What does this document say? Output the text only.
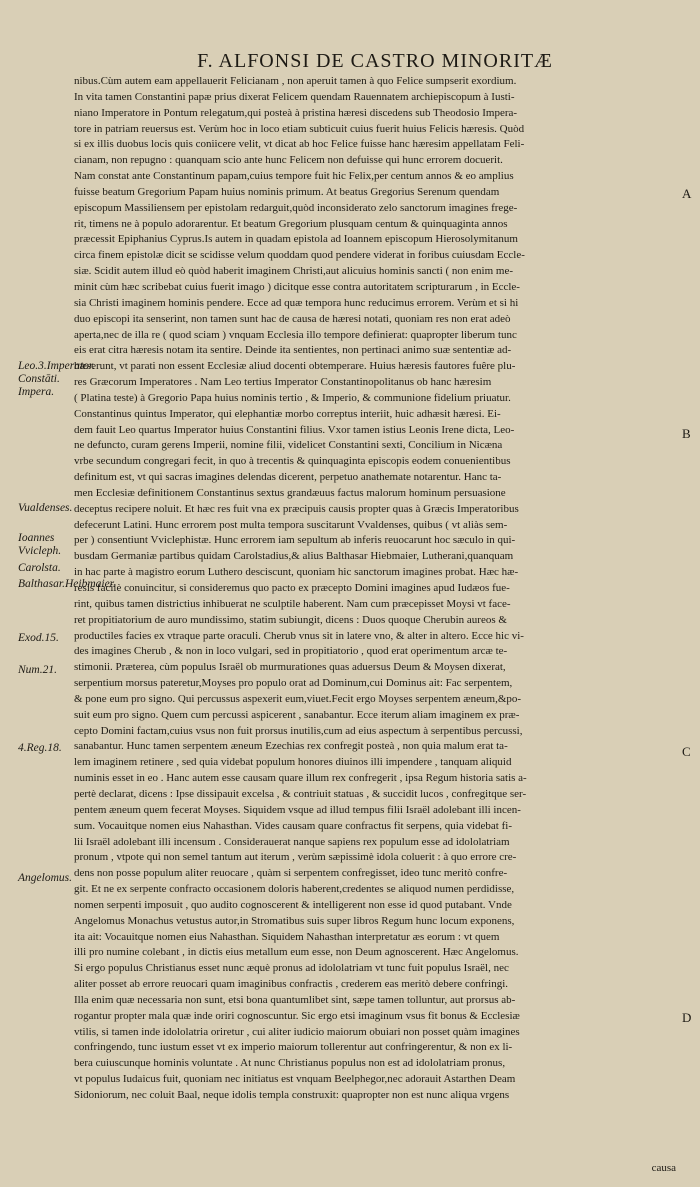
F. ALFONSI DE CASTRO MINORITÆ
Leo.3.Imperator. Constāti. Impera.
Vualdenses.
Ioannes Vvicleph.
Carolsta.
Balthasar.Heibmaier.
Exod.15.
Num.21.
4.Reg.18.
Angelomus.
A
B
C
D
nibus.Cùm autem eam appellauerit Felicianam , non aperuit tamen à quo Felice sumpserit exordium.
In vita tamen Constantini papæ prius dixerat Felicem quendam Rauennatem archiepiscopum à Iusti-
niano Imperatore in Pontum relegatum,qui posteà à pristina hæresi discedens sub Theodosio Impera-
tore in patriam reuersus est. Verùm hoc in loco etiam subticuit cuius fuerit huius Felicis hæresis. Quòd
si ex illis duobus locis quis coniicere velit, vt dicat ab hoc Felice fuisse hanc hæresim appellatam Feli-
cianam, non repugno : quanquam scio ante hunc Felicem non defuisse qui hunc errorem docuerit.
Nam constat ante Constantinum papam,cuius tempore fuit hic Felix,per centum annos & eo amplius
fuisse beatum Gregorium Papam huius nominis primum. At beatus Gregorius Serenum quendam
episcopum Massiliensem per epistolam redarguit,quòd inconsiderato zelo sanctorum imagines frege-
rit, timens ne à populo adorarentur. Et beatum Gregorium plusquam centum & quinquaginta annos
præcessit Epiphanius Cyprus.Is autem in quadam epistola ad Ioannem episcopum Hierosolymitanum
circa finem epistolæ dicit se scidisse velum quoddam quod pendere viderat in foribus cuiusdam Eccle-
siæ. Scidit autem illud eò quòd haberit imaginem Christi,aut alicuius hominis sancti ( non enim me-
minit cùm hæc scribebat cuius fuerit imago ) dicitque esse contra autoritatem scripturarum , in Eccle-
sia Christi imaginem hominis pendere. Ecce ad quæ tempora hunc reducimus errorem. Verùm et si hi
duo episcopi ita senserint, non tamen sunt hac de causa de hæresi notati, quoniam res non erat adeò
aperta,nec de illa re ( quod sciam ) vnquam Ecclesia illo tempore definierat: quapropter liberum tunc
eis erat citra hæresis notam ita sentire. Deinde ita sentientes, non pertinaci animo suæ sententiæ ad-
hæserunt, vt parati non essent Ecclesiæ aliud docenti obtemperare. Huius hæresis fautores fuêre plu-
res Græcorum Imperatores . Nam Leo tertius Imperator Constantinopolitanus ob hanc hæresim
( Platina teste) à Gregorio Papa huius nominis tertio , & Imperio, & communione fidelium priuatur.
Constantinus quintus Imperator, qui elephantiæ morbo correptus interiit, huic adhæsit hæresi. Ei-
dem fauit Leo quartus Imperator huius Constantini filius. Vxor tamen istius Leonis Irene dicta, Leo-
ne defuncto, curam gerens Imperii, nomine filii, videlicet Constantini sexti, Concilium in Nicæna
vrbe secundum congregari fecit, in quo à trecentis & quinquaginta episcopis eodem conuenientibus
definitum est, vt qui sacras imagines delendas dicerent, perpetuo anathemate notarentur. Hanc ta-
men Ecclesiæ definitionem Constantinus sextus grandæuus factus malorum hominum persuasione
deceptus recipere noluit. Et hæc res fuit vna ex præcipuis causis propter quas à Græcis Imperatoribus
defecerunt Latini. Hunc errorem post multa tempora suscitarunt Vvaldenses, quibus ( vt aliàs sem-
per ) consentiunt Vviclephistæ. Hunc errorem iam sepultum ab inferis reuocarunt hoc sæculo in qui-
busdam Germaniæ partibus quidam Carolstadius,& alius Balthasar Hiebmaier, Lutherani,quanquam
in hac parte à magistro eorum Luthero desciscunt, quoniam hic sanctorum imagines probat. Hæc hæ-
resis facilè conuincitur, si consideremus quo pacto ex præcepto Domini imagines apud Iudæos fue-
rint, quibus tamen districtius inhibuerat ne sculptile haberent. Nam cum præcepisset Moysi vt face-
ret propitiatorium de auro mundissimo, statim subiungit, dicens : Duos quoque Cherubin aureos &
productiles facies ex vtraque parte oraculi. Cherub vnus sit in latere vno, & alter in altero. Ecce hic vi-
des imagines Cherub , & non in loco vulgari, sed in propitiatorio , quod erat operimentum arcæ te-
stimonii. Præterea, cùm populus Israël ob murmurationes quas aduersus Deum & Moysen dixerat,
serpentium morsus pateretur,Moyses pro populo orat ad Dominum,cui Dominus ait: Fac serpentem,
& pone eum pro signo. Qui percussus aspexerit eum,viuet.Fecit ergo Moyses serpentem æneum,&po-
suit eum pro signo. Quem cum percussi aspicerent , sanabantur. Ecce iterum aliam imaginem ex præ-
cepto Domini factam,cuius vsus non fuit prorsus inutilis,cum ad eius aspectum à serpentibus percussi,
sanabantur. Hunc tamen serpentem æneum Ezechias rex confregit posteà , non quia malum erat ta-
lem imaginem retinere , sed quia videbat populum honores diuinos illi impendere , tanquam aliquid
numinis esset in eo . Hanc autem esse causam quare illum rex confregerit , ipsa Regum historia satis a-
pertè declarat, dicens : Ipse dissipauit excelsa , & contriuit statuas , & succidit lucos , confregitque ser-
pentem æneum quem fecerat Moyses. Siquidem vsque ad illud tempus filii Israël adolebant illi incen-
sum. Vocauitque nomen eius Nahasthan. Vides causam quare confractus fit serpens, quia videbat fi-
lii Israël adolebant illi incensum . Considerauerat nanque sapiens rex populum esse ad idololatriam
pronum , vtpote qui non semel tantum aut iterum , verùm sæpissimè idola coluerit : à quo errore cre-
dens non posse populum aliter reuocare , quàm si serpentem confregisset, ideo tunc meritò confre-
git. Et ne ex serpente confracto occasionem doloris haberent,credentes se aliquod numen perdidisse,
nomen serpenti imposuit , quo audito cognoscerent & intelligerent non esse id quod putabant. Vnde
Angelomus Monachus vetustus autor,in Stromatibus suis super libros Regum hunc locum exponens,
ita ait: Vocauitque nomen eius Nahasthan. Siquidem Nahasthan interpretatur æs eorum : vt quem
illi pro numine colebant , in dictis eius metallum eum esse, non Deum agnoscerent. Hæc Angelomus.
Si ergo populus Christianus esset nunc æquè pronus ad idololatriam vt tunc fuit populus Israël, nec
aliter posset ab errore reuocari quam imaginibus confractis , crederem eas meritò debere confringi.
Illa enim quæ necessaria non sunt, etsi bona quantumlibet sint, sæpe tamen tolluntur, aut prorsus ab-
rogantur propter mala quæ inde oriri cognoscuntur. Sic ergo etsi imaginum vsus fit bonus & Ecclesiæ
vtilis, si tamen inde idololatria oriretur , cui aliter iudicio maiorum obuiari non posset quàm imagines
confringendo, tunc iustum esset vt ex imperio maiorum tollerentur aut confringerentur, & non ex li-
bera cuiuscunque hominis voluntate . At nunc Christianus populus non est ad idololatriam pronus,
vt populus Iudaicus fuit, quoniam nec initiatus est vnquam Beelphegor,nec adorauit Astarthen Deam
Sidoniorum, nec coluit Baal, neque idolis templa construxit: quapropter non est nunc aliqua vrgens
causa
